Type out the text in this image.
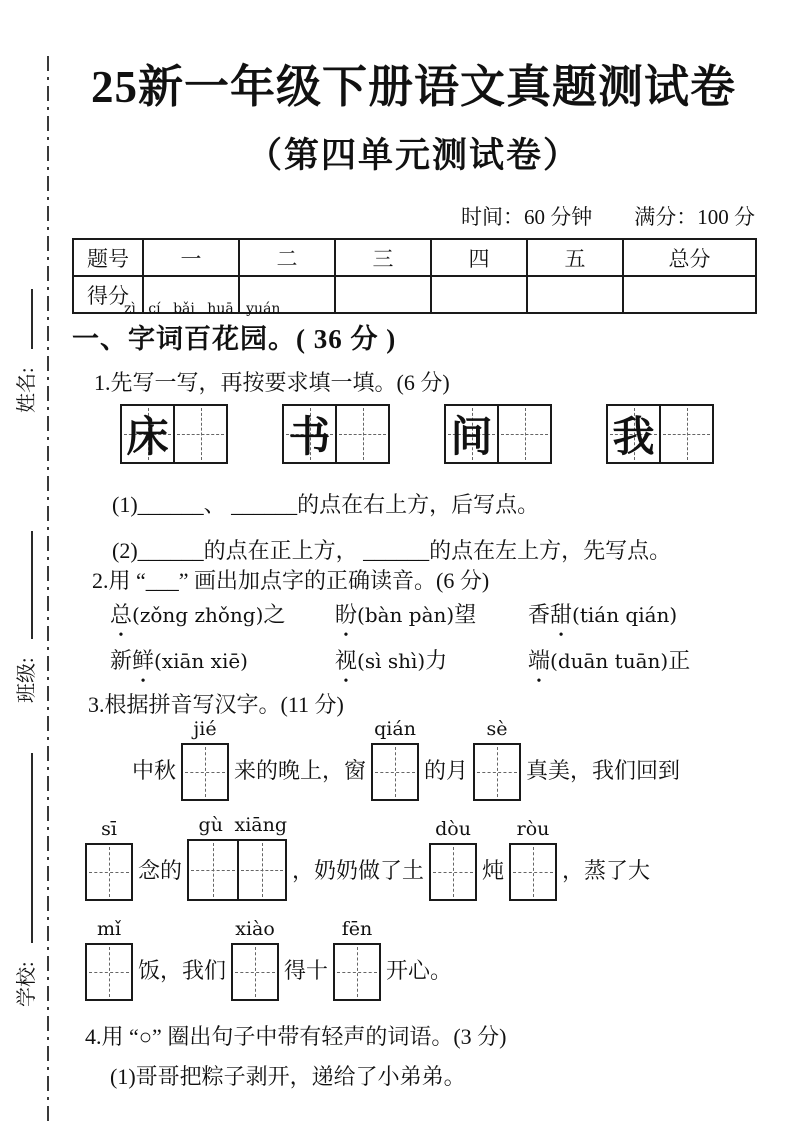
姓名:
班级:
学校:
25新一年级下册语文真题测试卷
（第四单元测试卷）
时间：60 分钟 满分：100 分
题号	一	二	三	四	五	总分
得分						
zì cí bǎi huā yuán
一、字词百花园。( 36 分 )
1.先写一写，再按要求填一填。(6 分)
床	书	间	我
(1)______、 ______的点在右上方，后写点。
(2)______的点在正上方， ______的点在左上方，先写点。
2.用 “___” 画出加点字的正确读音。(6 分)
总(zǒng zhǒng)之	盼(bàn pàn)望	香甜(tián qián)
新鲜(xiān xiē)	视(sì shì)力	端(duān tuān)正
3.根据拼音写汉字。(11 分)
中秋
jié
来的晚上，窗
qián
的月
sè
真美，我们回到
sī
念的
gù xiāng
，奶奶做了土
dòu
炖
ròu
，蒸了大
mǐ
饭，我们
xiào
得十
fēn
开心。
4.用 “○” 圈出句子中带有轻声的词语。(3 分)
(1)哥哥把粽子剥开，递给了小弟弟。
